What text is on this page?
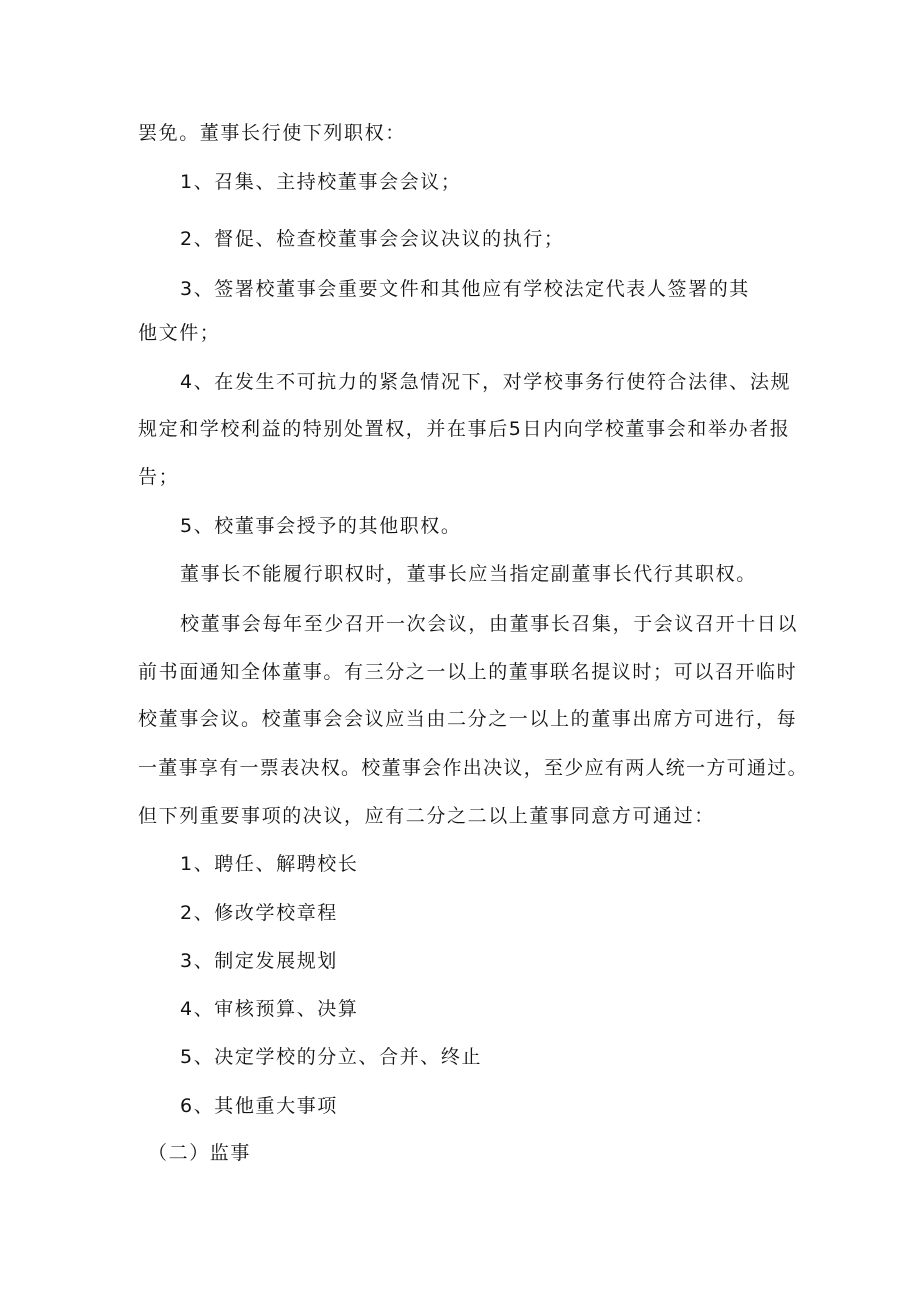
罢免。董事长行使下列职权：
1、召集、主持校董事会会议；
2、督促、检查校董事会会议决议的执行；
3、签署校董事会重要文件和其他应有学校法定代表人签署的其
他文件；
4、在发生不可抗力的紧急情况下，对学校事务行使符合法律、法规
规定和学校利益的特别处置权，并在事后5日内向学校董事会和举办者报
告；
5、校董事会授予的其他职权。
董事长不能履行职权时，董事长应当指定副董事长代行其职权。
校董事会每年至少召开一次会议，由董事长召集，于会议召开十日以
前书面通知全体董事。有三分之一以上的董事联名提议时；可以召开临时
校董事会议。校董事会会议应当由二分之一以上的董事出席方可进行，每
一董事享有一票表决权。校董事会作出决议，至少应有两人统一方可通过。
但下列重要事项的决议，应有二分之二以上董事同意方可通过：
1、聘任、解聘校长
2、修改学校章程
3、制定发展规划
4、审核预算、决算
5、决定学校的分立、合并、终止
6、其他重大事项
（二）监事
